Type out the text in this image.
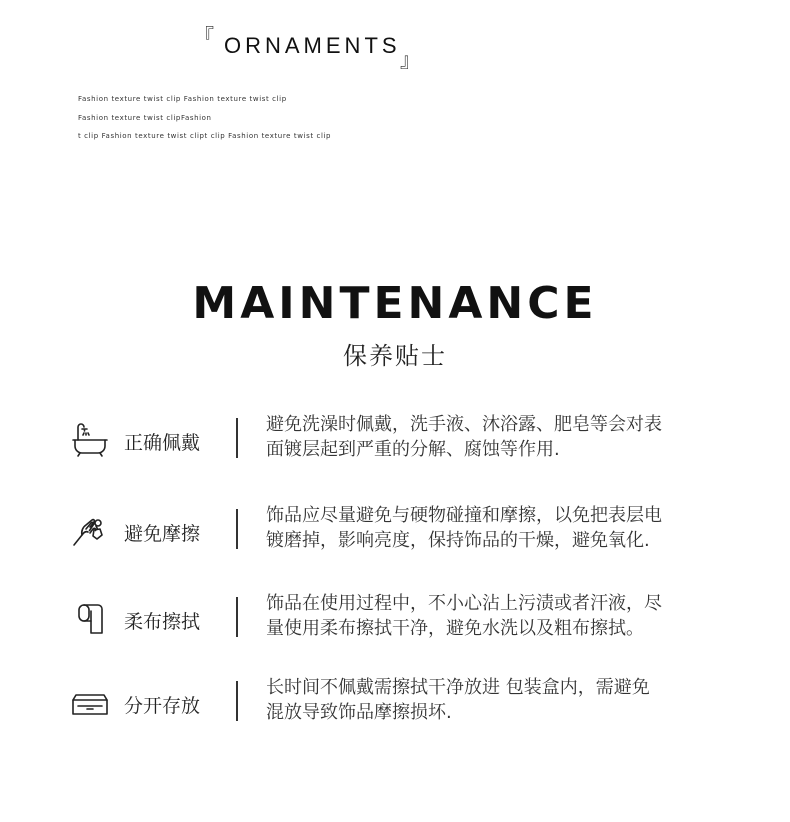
『 ORNAMENTS
』
Fashion texture twist clip Fashion texture twist clip
Fashion texture twist clipFashion
t clip Fashion texture twist clipt clip Fashion texture twist clip
MAINTENANCE
保养贴士
正确佩戴
避免洗澡时佩戴，洗手液、沐浴露、肥皂等会对表
面镀层起到严重的分解、腐蚀等作用.
避免摩擦
饰品应尽量避免与硬物碰撞和摩擦，以免把表层电
镀磨掉，影响亮度，保持饰品的干燥，避免氧化.
柔布擦拭
饰品在使用过程中，不小心沾上污渍或者汗液，尽
量使用柔布擦拭干净，避免水洗以及粗布擦拭。
分开存放
长时间不佩戴需擦拭干净放进 包装盒内，需避免
混放导致饰品摩擦损坏.
